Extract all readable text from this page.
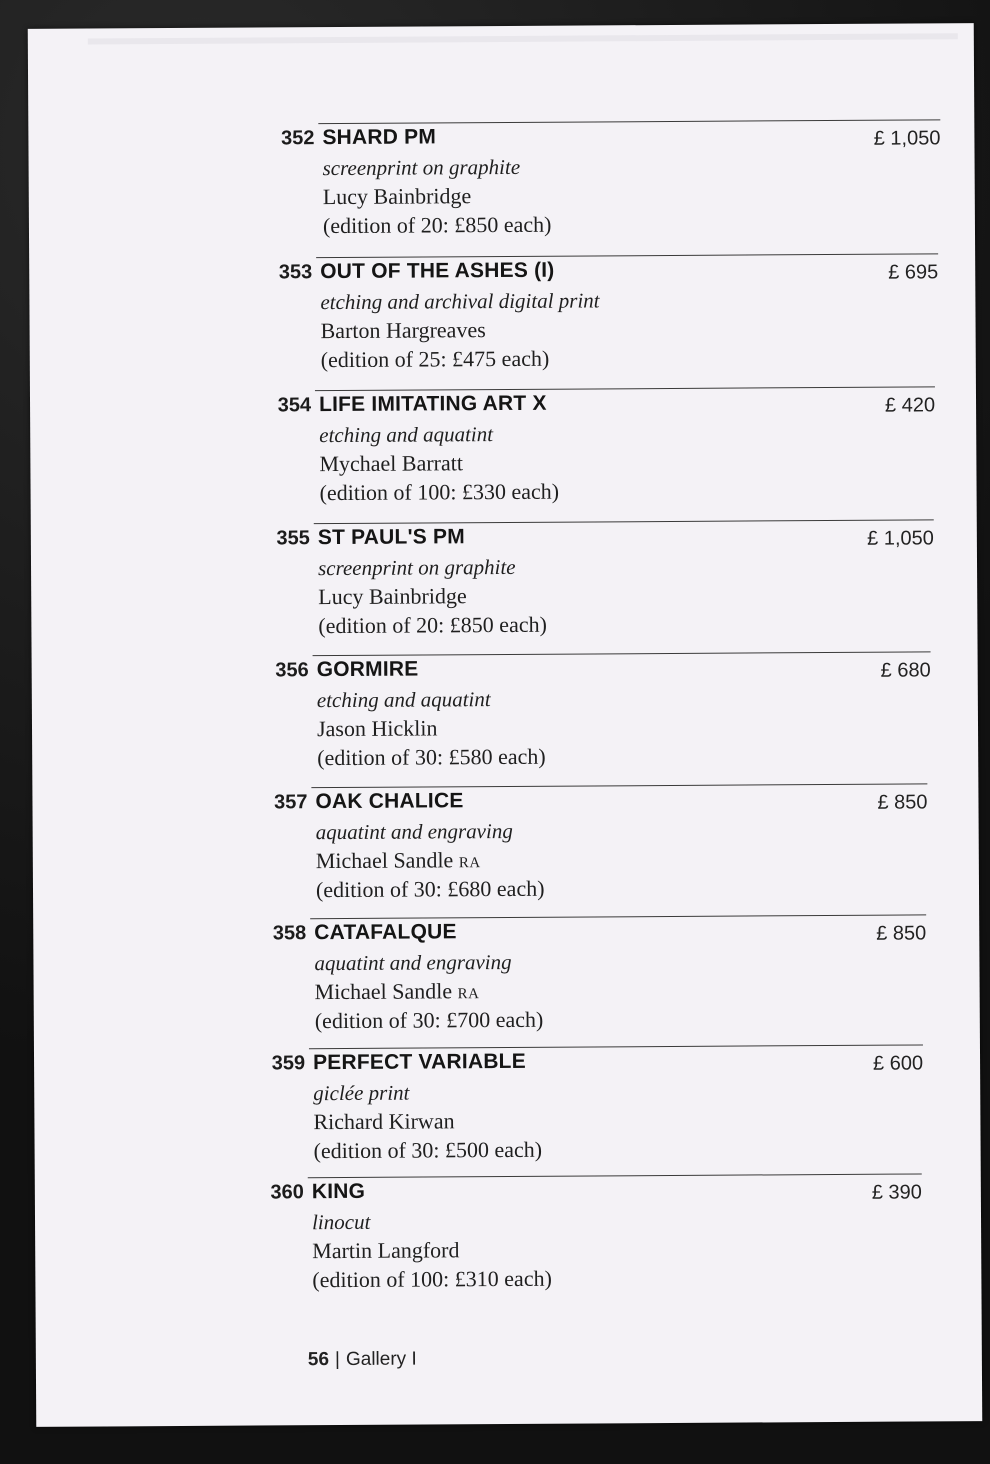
352 SHARD PM	£ 1,050
screenprint on graphite
Lucy Bainbridge
(edition of 20: £850 each)
353 OUT OF THE ASHES (I)	£ 695
etching and archival digital print
Barton Hargreaves
(edition of 25: £475 each)
354 LIFE IMITATING ART X	£ 420
etching and aquatint
Mychael Barratt
(edition of 100: £330 each)
355 ST PAUL'S PM	£ 1,050
screenprint on graphite
Lucy Bainbridge
(edition of 20: £850 each)
356 GORMIRE	£ 680
etching and aquatint
Jason Hicklin
(edition of 30: £580 each)
357 OAK CHALICE	£ 850
aquatint and engraving
Michael Sandle RA
(edition of 30: £680 each)
358 CATAFALQUE	£ 850
aquatint and engraving
Michael Sandle RA
(edition of 30: £700 each)
359 PERFECT VARIABLE	£ 600
giclée print
Richard Kirwan
(edition of 30: £500 each)
360 KING	£ 390
linocut
Martin Langford
(edition of 100: £310 each)
56 | Gallery I
